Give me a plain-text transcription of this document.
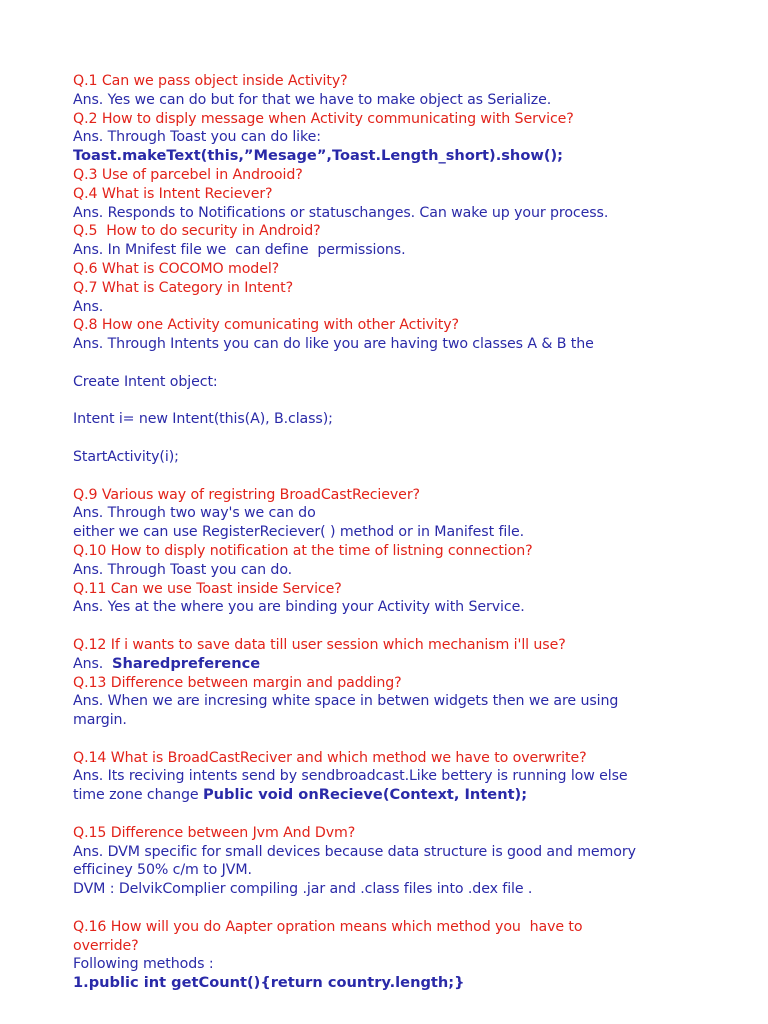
Q.1 Can we pass object inside Activity?
Ans. Yes we can do but for that we have to make object as Serialize.
Q.2 How to disply message when Activity communicating with Service?
Ans. Through Toast you can do like:
Toast.makeText(this,”Mesage”,Toast.Length_short).show();
Q.3 Use of parcebel in Androoid?
Q.4 What is Intent Reciever?
Ans. Responds to Notifications or statuschanges. Can wake up your process.
Q.5  How to do security in Android?
Ans. In Mnifest file we  can define  permissions.
Q.6 What is COCOMO model?
Q.7 What is Category in Intent?
Ans.
Q.8 How one Activity comunicating with other Activity?
Ans. Through Intents you can do like you are having two classes A & B the
Create Intent object:
Intent i= new Intent(this(A), B.class);
StartActivity(i);
Q.9 Various way of registring BroadCastReciever?
Ans. Through two way's we can do
either we can use RegisterReciever( ) method or in Manifest file.
Q.10 How to disply notification at the time of listning connection?
Ans. Through Toast you can do.
Q.11 Can we use Toast inside Service?
Ans. Yes at the where you are binding your Activity with Service.
Q.12 If i wants to save data till user session which mechanism i'll use?
Ans. Sharedpreference
Q.13 Difference between margin and padding?
Ans. When we are incresing white space in betwen widgets then we are using
margin.
Q.14 What is BroadCastReciver and which method we have to overwrite?
Ans. Its reciving intents send by sendbroadcast.Like bettery is running low else
time zone change Public void onRecieve(Context, Intent);
Q.15 Difference between Jvm And Dvm?
Ans. DVM specific for small devices because data structure is good and memory
efficiney 50% c/m to JVM.
DVM : DelvikComplier compiling .jar and .class files into .dex file .
Q.16 How will you do Aapter opration means which method you  have to
override?
Following methods :
1.public int getCount(){return country.length;}
